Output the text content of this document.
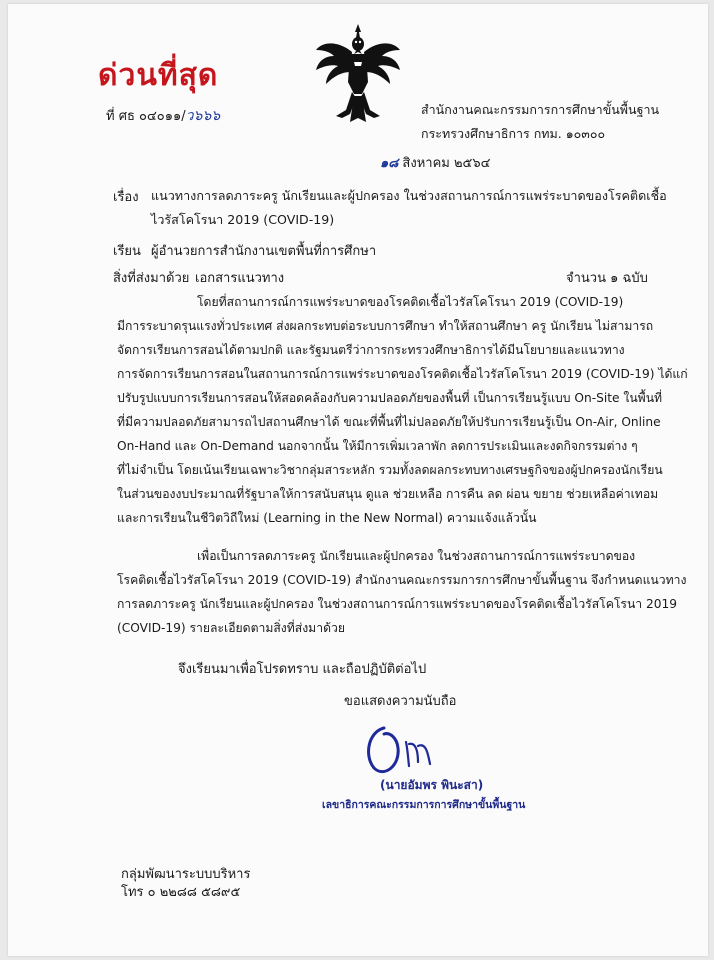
ด่วนที่สุด
ที่ ศธ ๐๔๐๑๑/ว๖๖๖	สำนักงานคณะกรรมการการศึกษาขั้นพื้นฐาน
กระทรวงศึกษาธิการ กทม. ๑๐๓๐๐
๑๘ สิงหาคม ๒๕๖๔
เรื่อง แนวทางการลดภาระครู นักเรียนและผู้ปกครอง ในช่วงสถานการณ์การแพร่ระบาดของโรคติดเชื้อ
ไวรัสโคโรนา 2019 (COVID-19)
เรียน ผู้อำนวยการสำนักงานเขตพื้นที่การศึกษา
สิ่งที่ส่งมาด้วย เอกสารแนวทาง	จำนวน ๑ ฉบับ
โดยที่สถานการณ์การแพร่ระบาดของโรคติดเชื้อไวรัสโคโรนา 2019 (COVID-19)
มีการระบาดรุนแรงทั่วประเทศ ส่งผลกระทบต่อระบบการศึกษา ทำให้สถานศึกษา ครู นักเรียน ไม่สามารถ
จัดการเรียนการสอนได้ตามปกติ และรัฐมนตรีว่าการกระทรวงศึกษาธิการได้มีนโยบายและแนวทาง
การจัดการเรียนการสอนในสถานการณ์การแพร่ระบาดของโรคติดเชื้อไวรัสโคโรนา 2019 (COVID-19) ได้แก่
ปรับรูปแบบการเรียนการสอนให้สอดคล้องกับความปลอดภัยของพื้นที่ เป็นการเรียนรู้แบบ On-Site ในพื้นที่
ที่มีความปลอดภัยสามารถไปสถานศึกษาได้ ขณะที่พื้นที่ไม่ปลอดภัยให้ปรับการเรียนรู้เป็น On-Air, Online
On-Hand และ On-Demand นอกจากนั้น ให้มีการเพิ่มเวลาพัก ลดการประเมินและงดกิจกรรมต่าง ๆ
ที่ไม่จำเป็น โดยเน้นเรียนเฉพาะวิชากลุ่มสาระหลัก รวมทั้งลดผลกระทบทางเศรษฐกิจของผู้ปกครองนักเรียน
ในส่วนของงบประมาณที่รัฐบาลให้การสนับสนุน ดูแล ช่วยเหลือ การคืน ลด ผ่อน ขยาย ช่วยเหลือค่าเทอม
และการเรียนในชีวิตวิถีใหม่ (Learning in the New Normal) ความแจ้งแล้วนั้น
เพื่อเป็นการลดภาระครู นักเรียนและผู้ปกครอง ในช่วงสถานการณ์การแพร่ระบาดของ
โรคติดเชื้อไวรัสโคโรนา 2019 (COVID-19) สำนักงานคณะกรรมการการศึกษาขั้นพื้นฐาน จึงกำหนดแนวทาง
การลดภาระครู นักเรียนและผู้ปกครอง ในช่วงสถานการณ์การแพร่ระบาดของโรคติดเชื้อไวรัสโคโรนา 2019
(COVID-19) รายละเอียดตามสิ่งที่ส่งมาด้วย
จึงเรียนมาเพื่อโปรดทราบ และถือปฏิบัติต่อไป
ขอแสดงความนับถือ
(นายอัมพร พินะสา)
เลขาธิการคณะกรรมการการศึกษาขั้นพื้นฐาน
กลุ่มพัฒนาระบบบริหาร
โทร ๐ ๒๒๘๘ ๕๘๙๕
